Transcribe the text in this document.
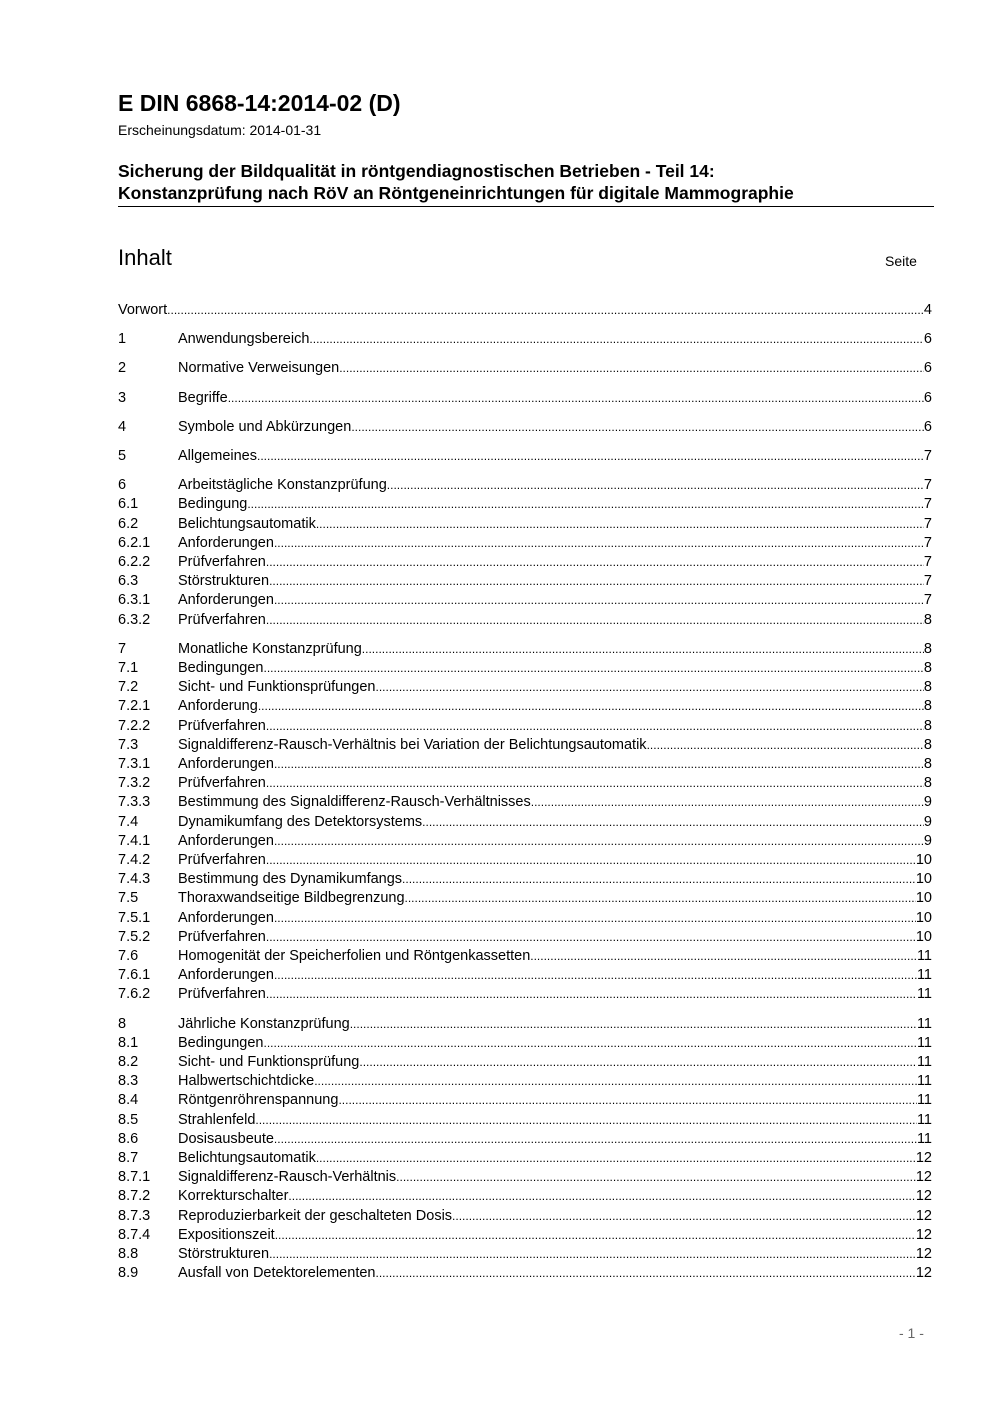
E DIN 6868-14:2014-02 (D)
Erscheinungsdatum: 2014-01-31
Sicherung der Bildqualität in röntgendiagnostischen Betrieben - Teil 14:
Konstanzprüfung nach RöV an Röntgeneinrichtungen für digitale Mammographie
Inhalt	Seite
Vorwort .....	4
1	Anwendungsbereich .....	6
2	Normative Verweisungen .....	6
3	Begriffe .....	6
4	Symbole und Abkürzungen .....	6
5	Allgemeines .....	7
6	Arbeitstägliche Konstanzprüfung .....	7
6.1	Bedingung .....	7
6.2	Belichtungsautomatik .....	7
6.2.1 Anforderungen .....	7
6.2.2 Prüfverfahren .....	7
6.3	Störstrukturen .....	7
6.3.1 Anforderungen .....	7
6.3.2 Prüfverfahren .....	8
7	Monatliche Konstanzprüfung .....	8
7.1	Bedingungen .....	8
7.2	Sicht- und Funktionsprüfungen .....	8
7.2.1 Anforderung .....	8
7.2.2 Prüfverfahren .....	8
7.3	Signaldifferenz-Rausch-Verhältnis bei Variation der Belichtungsautomatik .....	8
7.3.1 Anforderungen .....	8
7.3.2 Prüfverfahren .....	8
7.3.3 Bestimmung des Signaldifferenz-Rausch-Verhältnisses .....	9
7.4	Dynamikumfang des Detektorsystems .....	9
7.4.1 Anforderungen .....	9
7.4.2 Prüfverfahren .....	10
7.4.3 Bestimmung des Dynamikumfangs .....	10
7.5	Thoraxwandseitige Bildbegrenzung .....	10
7.5.1 Anforderungen .....	10
7.5.2 Prüfverfahren .....	10
7.6	Homogenität der Speicherfolien und Röntgenkassetten .....	11
7.6.1 Anforderungen .....	11
7.6.2 Prüfverfahren .....	11
8	Jährliche Konstanzprüfung .....	11
8.1	Bedingungen .....	11
8.2	Sicht- und Funktionsprüfung .....	11
8.3	Halbwertschichtdicke .....	11
8.4	Röntgenröhrenspannung .....	11
8.5	Strahlenfeld .....	11
8.6	Dosisausbeute .....	11
8.7	Belichtungsautomatik .....	12
8.7.1 Signaldifferenz-Rausch-Verhältnis .....	12
8.7.2 Korrekturschalter .....	12
8.7.3 Reproduzierbarkeit der geschalteten Dosis .....	12
8.7.4 Expositionszeit .....	12
8.8	Störstrukturen .....	12
8.9	Ausfall von Detektorelementen .....	12
- 1 -
